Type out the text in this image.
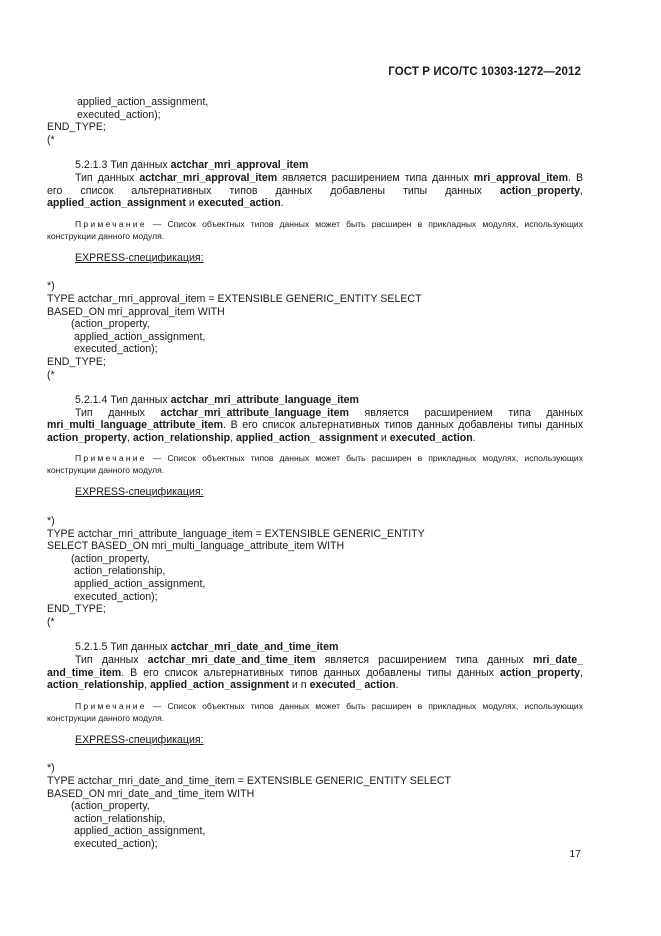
ГОСТ Р ИСО/ТС 10303-1272—2012
applied_action_assignment,
executed_action);
END_TYPE;
(*
5.2.1.3 Тип данных actchar_mri_approval_item
Тип данных actchar_mri_approval_item является расширением типа данных mri_approval_item. В его список альтернативных типов данных добавлены типы данных action_property, applied_action_assignment и executed_action.
Примечание — Список объектных типов данных может быть расширен в прикладных модулях, использующих конструкции данного модуля.
EXPRESS-спецификация:
*)
TYPE actchar_mri_approval_item = EXTENSIBLE GENERIC_ENTITY SELECT
BASED_ON mri_approval_item WITH
(action_property,
applied_action_assignment,
executed_action);
END_TYPE;
(*
5.2.1.4 Тип данных actchar_mri_attribute_language_item
Тип данных actchar_mri_attribute_language_item является расширением типа данных
mri_multi_language_attribute_item. В его список альтернативных типов данных добавлены типы данных action_property, action_relationship, applied_action_ assignment и executed_action.
Примечание — Список объектных типов данных может быть расширен в прикладных модулях, использующих конструкции данного модуля.
EXPRESS-спецификация:
*)
TYPE actchar_mri_attribute_language_item = EXTENSIBLE GENERIC_ENTITY
SELECT BASED_ON mri_multi_language_attribute_item WITH
(action_property,
action_relationship,
applied_action_assignment,
executed_action);
END_TYPE;
(*
5.2.1.5 Тип данных actchar_mri_date_and_time_item
Тип данных actchar_mri_date_and_time_item является расширением типа данных mri_date_ and_time_item. В его список альтернативных типов данных добавлены типы данных action_property, action_relationship, applied_action_assignment и n executed_ action.
Примечание — Список объектных типов данных может быть расширен в прикладных модулях, использующих конструкции данного модуля.
EXPRESS-спецификация:
*)
TYPE actchar_mri_date_and_time_item = EXTENSIBLE GENERIC_ENTITY SELECT
BASED_ON mri_date_and_time_item WITH
(action_property,
action_relationship,
applied_action_assignment,
executed_action);
17
